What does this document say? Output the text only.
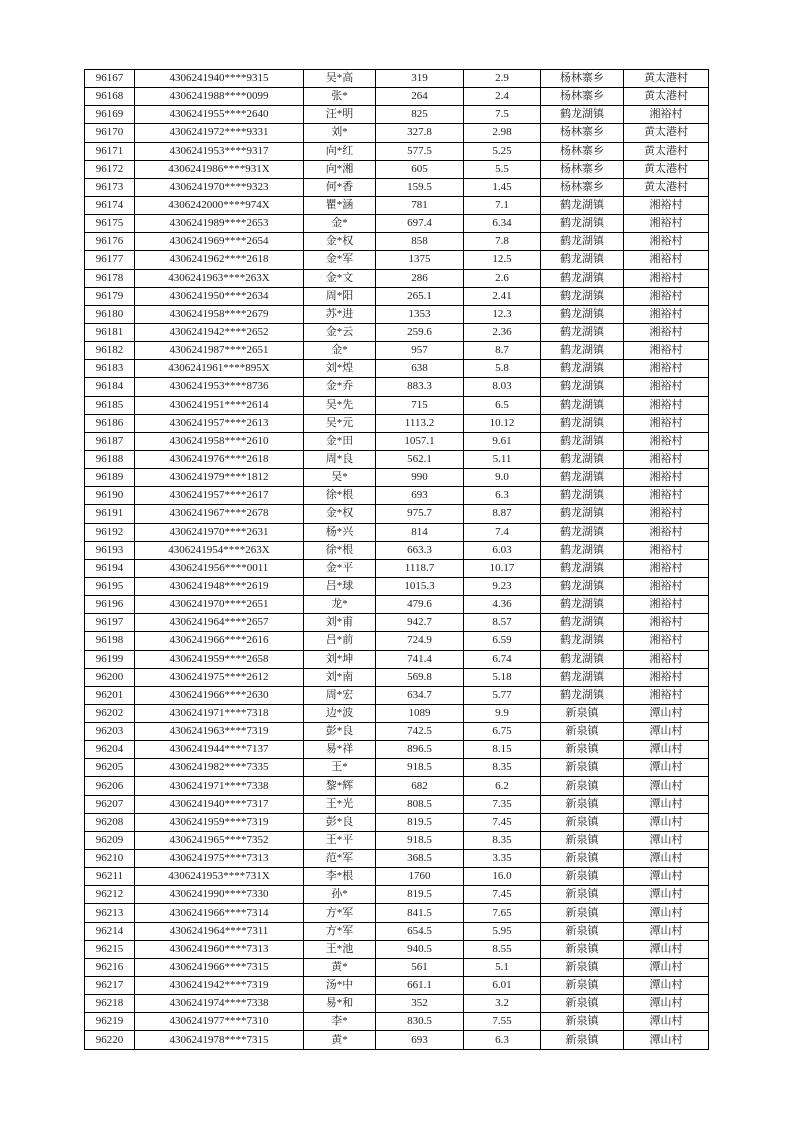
96167	4306241940****9315	吴*高	319	2.9	杨林寨乡	黄太港村
96168	4306241988****0099	张*	264	2.4	杨林寨乡	黄太港村
96169	4306241955****2640	汪*明	825	7.5	鹤龙湖镇	湘裕村
96170	4306241972****9331	刘*	327.8	2.98	杨林寨乡	黄太港村
96171	4306241953****9317	向*红	577.5	5.25	杨林寨乡	黄太港村
96172	4306241986****931X	向*湘	605	5.5	杨林寨乡	黄太港村
96173	4306241970****9323	何*香	159.5	1.45	杨林寨乡	黄太港村
96174	4306242000****974X	瞿*涵	781	7.1	鹤龙湖镇	湘裕村
96175	4306241989****2653	金*	697.4	6.34	鹤龙湖镇	湘裕村
96176	4306241969****2654	金*权	858	7.8	鹤龙湖镇	湘裕村
96177	4306241962****2618	金*军	1375	12.5	鹤龙湖镇	湘裕村
96178	4306241963****263X	金*文	286	2.6	鹤龙湖镇	湘裕村
96179	4306241950****2634	周*阳	265.1	2.41	鹤龙湖镇	湘裕村
96180	4306241958****2679	苏*进	1353	12.3	鹤龙湖镇	湘裕村
96181	4306241942****2652	金*云	259.6	2.36	鹤龙湖镇	湘裕村
96182	4306241987****2651	金*	957	8.7	鹤龙湖镇	湘裕村
96183	4306241961****895X	刘*煌	638	5.8	鹤龙湖镇	湘裕村
96184	4306241953****8736	金*乔	883.3	8.03	鹤龙湖镇	湘裕村
96185	4306241951****2614	吴*先	715	6.5	鹤龙湖镇	湘裕村
96186	4306241957****2613	吴*元	1113.2	10.12	鹤龙湖镇	湘裕村
96187	4306241958****2610	金*田	1057.1	9.61	鹤龙湖镇	湘裕村
96188	4306241976****2618	周*良	562.1	5.11	鹤龙湖镇	湘裕村
96189	4306241979****1812	吴*	990	9.0	鹤龙湖镇	湘裕村
96190	4306241957****2617	徐*根	693	6.3	鹤龙湖镇	湘裕村
96191	4306241967****2678	金*权	975.7	8.87	鹤龙湖镇	湘裕村
96192	4306241970****2631	杨*兴	814	7.4	鹤龙湖镇	湘裕村
96193	4306241954****263X	徐*根	663.3	6.03	鹤龙湖镇	湘裕村
96194	4306241956****0011	金*平	1118.7	10.17	鹤龙湖镇	湘裕村
96195	4306241948****2619	吕*球	1015.3	9.23	鹤龙湖镇	湘裕村
96196	4306241970****2651	龙*	479.6	4.36	鹤龙湖镇	湘裕村
96197	4306241964****2657	刘*甫	942.7	8.57	鹤龙湖镇	湘裕村
96198	4306241966****2616	吕*前	724.9	6.59	鹤龙湖镇	湘裕村
96199	4306241959****2658	刘*坤	741.4	6.74	鹤龙湖镇	湘裕村
96200	4306241975****2612	刘*南	569.8	5.18	鹤龙湖镇	湘裕村
96201	4306241966****2630	周*宏	634.7	5.77	鹤龙湖镇	湘裕村
96202	4306241971****7318	边*波	1089	9.9	新泉镇	潭山村
96203	4306241963****7319	彭*良	742.5	6.75	新泉镇	潭山村
96204	4306241944****7137	易*祥	896.5	8.15	新泉镇	潭山村
96205	4306241982****7335	王*	918.5	8.35	新泉镇	潭山村
96206	4306241971****7338	黎*辉	682	6.2	新泉镇	潭山村
96207	4306241940****7317	王*光	808.5	7.35	新泉镇	潭山村
96208	4306241959****7319	彭*良	819.5	7.45	新泉镇	潭山村
96209	4306241965****7352	王*平	918.5	8.35	新泉镇	潭山村
96210	4306241975****7313	范*军	368.5	3.35	新泉镇	潭山村
96211	4306241953****731X	李*根	1760	16.0	新泉镇	潭山村
96212	4306241990****7330	孙*	819.5	7.45	新泉镇	潭山村
96213	4306241966****7314	方*军	841.5	7.65	新泉镇	潭山村
96214	4306241964****7311	方*军	654.5	5.95	新泉镇	潭山村
96215	4306241960****7313	王*池	940.5	8.55	新泉镇	潭山村
96216	4306241966****7315	黄*	561	5.1	新泉镇	潭山村
96217	4306241942****7319	汤*中	661.1	6.01	新泉镇	潭山村
96218	4306241974****7338	易*和	352	3.2	新泉镇	潭山村
96219	4306241977****7310	李*	830.5	7.55	新泉镇	潭山村
96220	4306241978****7315	黄*	693	6.3	新泉镇	潭山村
